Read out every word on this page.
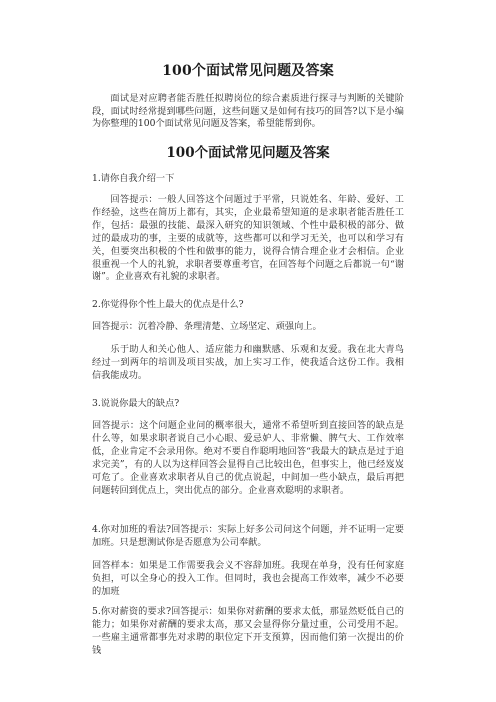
100个面试常见问题及答案

面试是对应聘者能否胜任拟聘岗位的综合素质进行探寻与判断的关键阶段，面试时经常提到哪些问题，这些问题又是如何有技巧的回答?以下是小编为你整理的100个面试常见问题及答案，希望能帮到你。

100个面试常见问题及答案

1.请你自我介绍一下

回答提示：一般人回答这个问题过于平常，只说姓名、年龄、爱好、工作经验，这些在简历上都有，其实，企业最希望知道的是求职者能否胜任工作，包括：最强的技能、最深入研究的知识领域、个性中最积极的部分、做过的最成功的事，主要的成就等，这些都可以和学习无关，也可以和学习有关，但要突出积极的个性和做事的能力，说得合情合理企业才会相信。企业很重视一个人的礼貌，求职者要尊重考官，在回答每个问题之后都说一句“谢谢”。企业喜欢有礼貌的求职者。

2.你觉得你个性上最大的优点是什么?

回答提示：沉着冷静、条理清楚、立场坚定、顽强向上。

乐于助人和关心他人、适应能力和幽默感、乐观和友爱。我在北大青鸟经过一到两年的培训及项目实战，加上实习工作，使我适合这份工作。我相信我能成功。

3.说说你最大的缺点?

回答提示：这个问题企业问的概率很大，通常不希望听到直接回答的缺点是什么等，如果求职者说自己小心眼、爱忌妒人、非常懒、脾气大、工作效率低，企业肯定不会录用你。绝对不要自作聪明地回答“我最大的缺点是过于追求完美”，有的人以为这样回答会显得自己比较出色，但事实上，他已经岌岌可危了。企业喜欢求职者从自己的优点说起，中间加一些小缺点，最后再把问题转回到优点上，突出优点的部分。企业喜欢聪明的求职者。

4.你对加班的看法?回答提示：实际上好多公司问这个问题，并不证明一定要加班。只是想测试你是否愿意为公司奉献。

回答样本：如果是工作需要我会义不容辞加班。我现在单身，没有任何家庭负担，可以全身心的投入工作。但同时，我也会提高工作效率，减少不必要的加班

5.你对薪资的要求?回答提示：如果你对薪酬的要求太低，那显然贬低自己的能力；如果你对薪酬的要求太高，那又会显得你分量过重，公司受用不起。一些雇主通常都事先对求聘的职位定下开支预算，因而他们第一次提出的价钱
